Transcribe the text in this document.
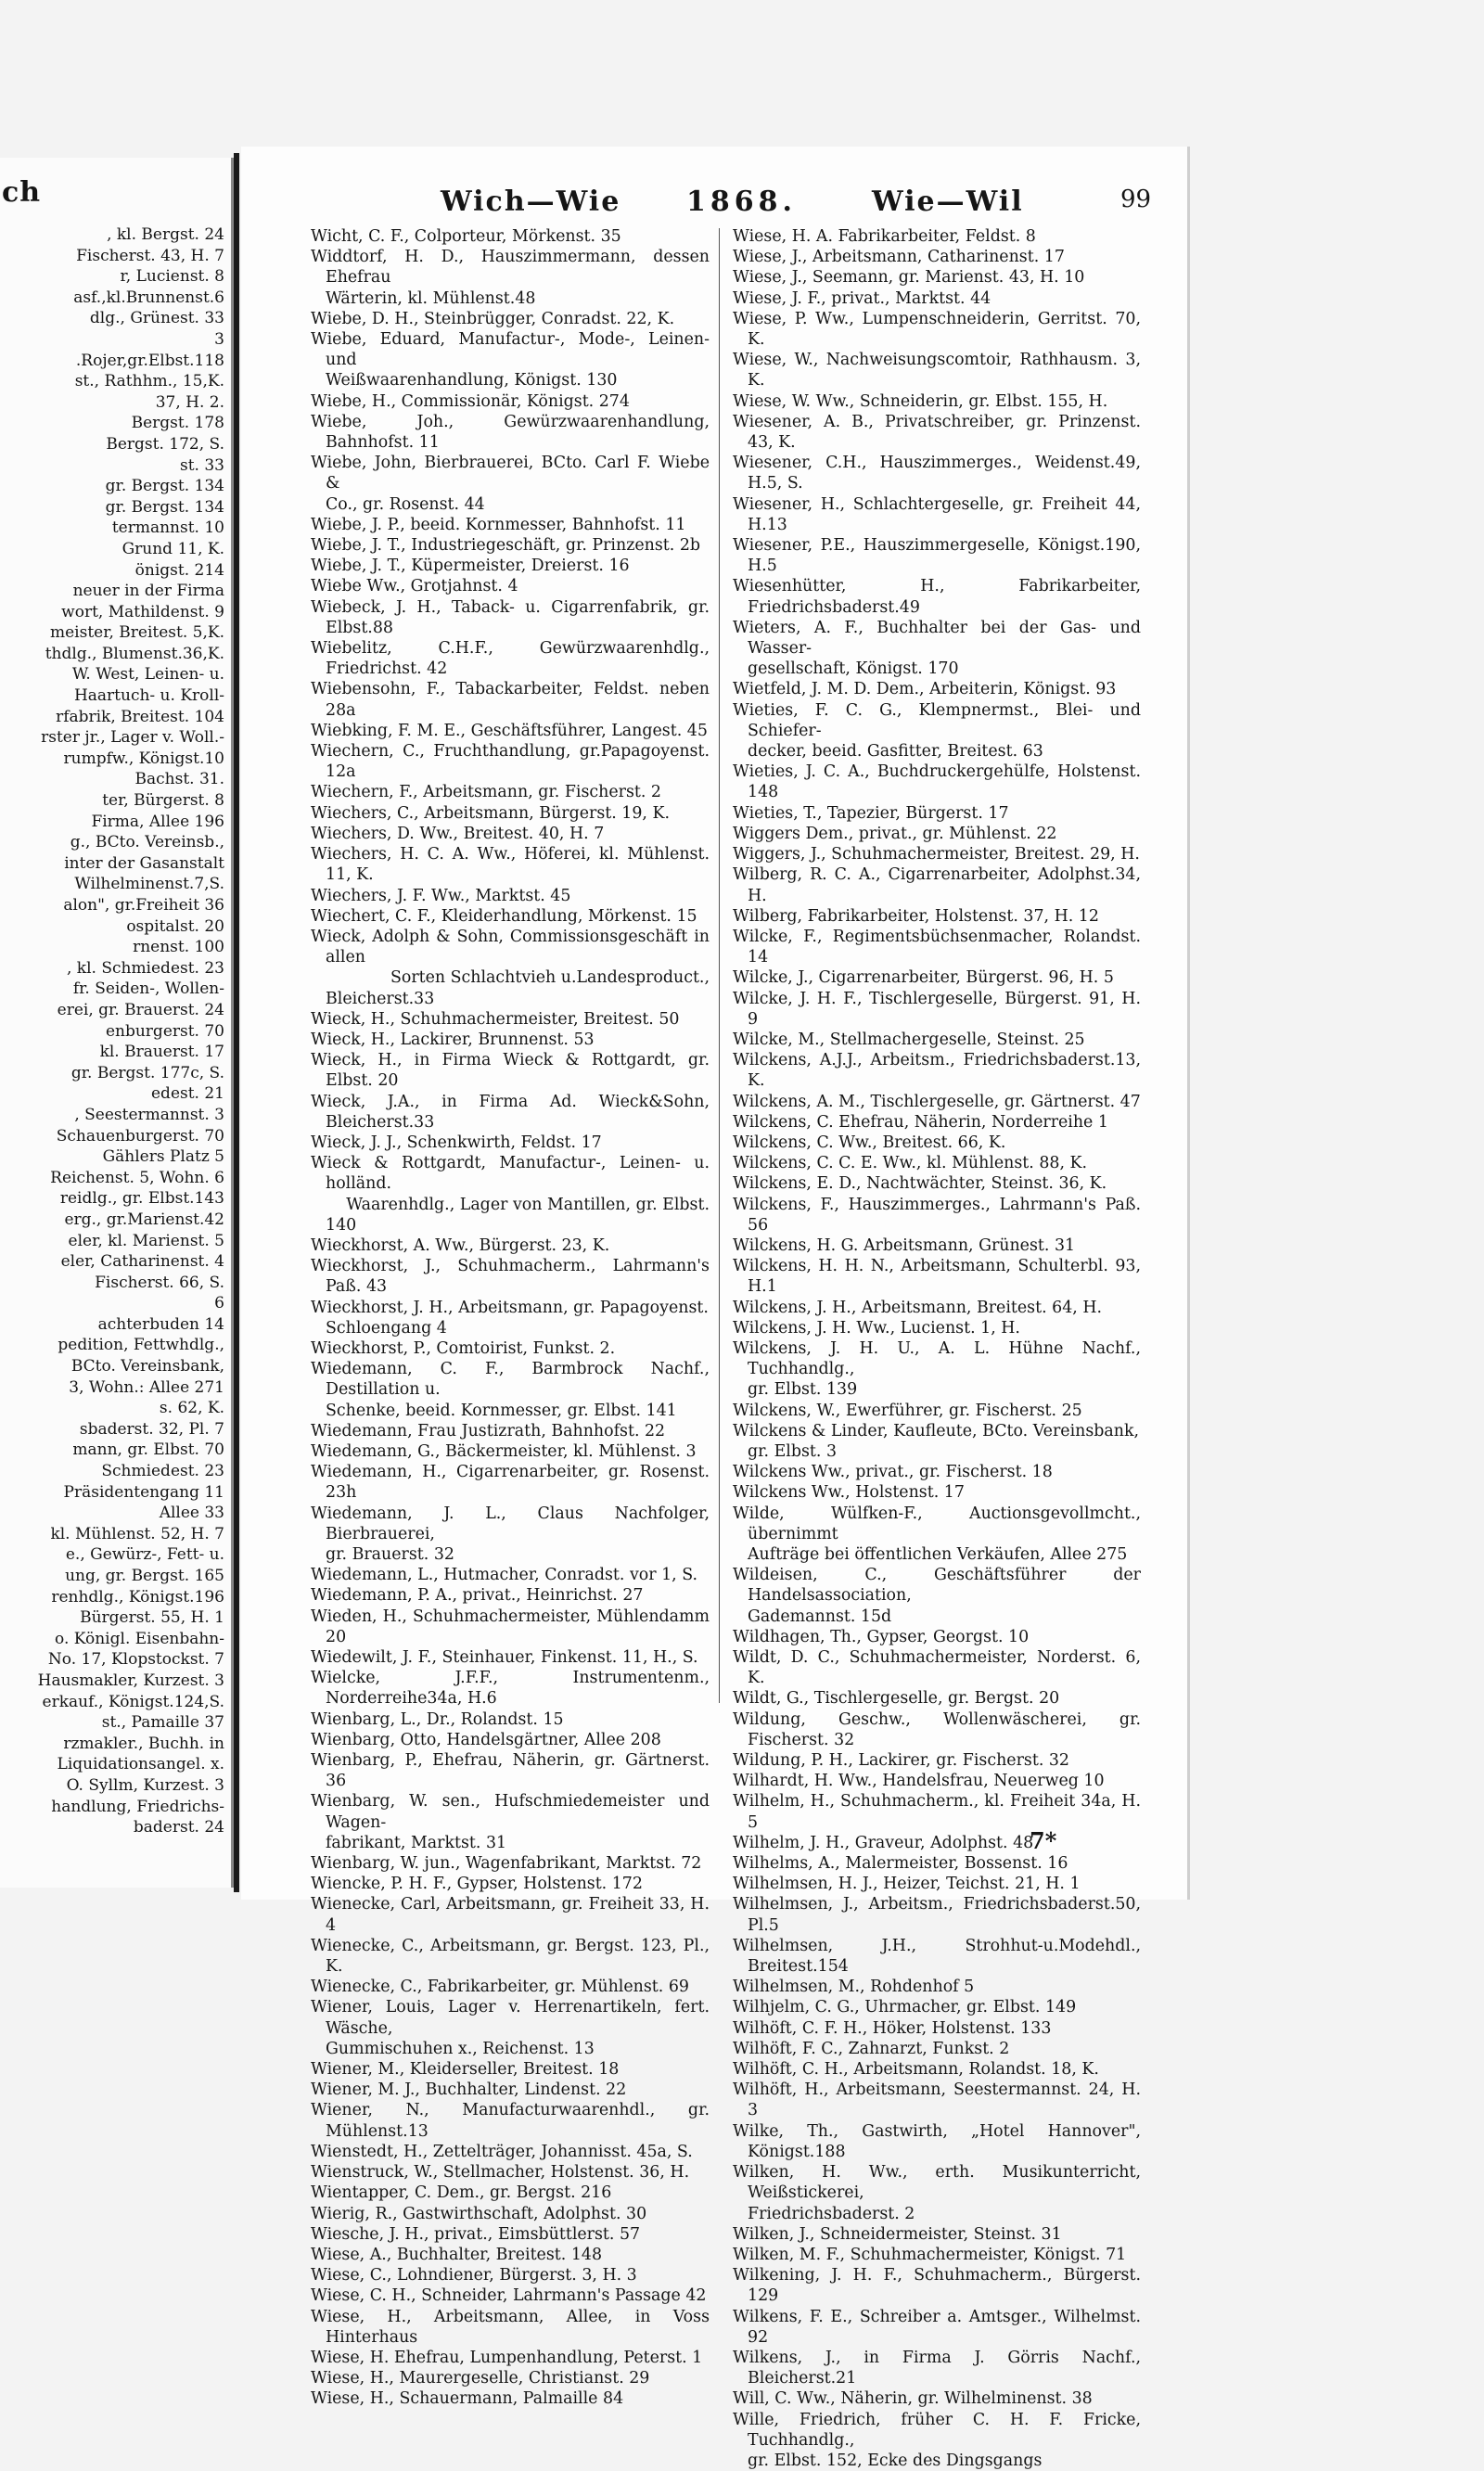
ch
, kl. Bergst. 24
Fischerst. 43, H. 7
r, Lucienst. 8
asf.,kl.Brunnenst.6
dlg., Grünest. 33
3
.Rojer,gr.Elbst.118
st., Rathhm., 15,K.
37, H. 2.
Bergst. 178
Bergst. 172, S.
st. 33
gr. Bergst. 134
gr. Bergst. 134
termannst. 10
Grund 11, K.
önigst. 214
neuer in der Firma
wort, Mathildenst. 9
meister, Breitest. 5,K.
thdlg., Blumenst.36,K.
W. West, Leinen- u.
Haartuch- u. Kroll-
rfabrik, Breitest. 104
rster jr., Lager v. Woll.-
rumpfw., Königst.10
Bachst. 31.
ter, Bürgerst. 8
Firma, Allee 196
g., BCto. Vereinsb.,
inter der Gasanstalt
Wilhelminenst.7,S.
alon", gr.Freiheit 36
ospitalst. 20
rnenst. 100
, kl. Schmiedest. 23
fr. Seiden-, Wollen-
erei, gr. Brauerst. 24
enburgerst. 70
kl. Brauerst. 17
gr. Bergst. 177c, S.
edest. 21
, Seestermannst. 3
Schauenburgerst. 70
Gählers Platz 5
Reichenst. 5, Wohn. 6
reidlg., gr. Elbst.143
erg., gr.Marienst.42
eler, kl. Marienst. 5
eler, Catharinenst. 4
Fischerst. 66, S.
6
achterbuden 14
pedition, Fettwhdlg.,
BCto. Vereinsbank,
3, Wohn.: Allee 271
s. 62, K.
sbaderst. 32, Pl. 7
mann, gr. Elbst. 70
Schmiedest. 23
Präsidentengang 11
Allee 33
kl. Mühlenst. 52, H. 7
e., Gewürz-, Fett- u.
ung, gr. Bergst. 165
renhdlg., Königst.196
Bürgerst. 55, H. 1
o. Königl. Eisenbahn-
No. 17, Klopstockst. 7
Hausmakler, Kurzest. 3
erkauf., Königst.124,S.
st., Pamaille 37
rzmakler., Buchh. in
Liquidationsangel. x.
O. Syllm, Kurzest. 3
handlung, Friedrichs-
baderst. 24
Wich—Wie 1868.	Wie—Wil	99
Wicht, C. F., Colporteur, Mörkenst. 35
Widdtorf, H. D., Hauszimmermann, dessen Ehefrau
Wärterin, kl. Mühlenst.48
Wiebe, D. H., Steinbrügger, Conradst. 22, K.
Wiebe, Eduard, Manufactur-, Mode-, Leinen- und
Weißwaarenhandlung, Königst. 130
Wiebe, H., Commissionär, Königst. 274
Wiebe, Joh., Gewürzwaarenhandlung, Bahnhofst. 11
Wiebe, John, Bierbrauerei, BCto. Carl F. Wiebe &
Co., gr. Rosenst. 44
Wiebe, J. P., beeid. Kornmesser, Bahnhofst. 11
Wiebe, J. T., Industriegeschäft, gr. Prinzenst. 2b
Wiebe, J. T., Küpermeister, Dreierst. 16
Wiebe Ww., Grotjahnst. 4
Wiebeck, J. H., Taback- u. Cigarrenfabrik, gr. Elbst.88
Wiebelitz, C.H.F., Gewürzwaarenhdlg., Friedrichst. 42
Wiebensohn, F., Tabackarbeiter, Feldst. neben 28a
Wiebking, F. M. E., Geschäftsführer, Langest. 45
Wiechern, C., Fruchthandlung, gr.Papagoyenst. 12a
Wiechern, F., Arbeitsmann, gr. Fischerst. 2
Wiechers, C., Arbeitsmann, Bürgerst. 19, K.
Wiechers, D. Ww., Breitest. 40, H. 7
Wiechers, H. C. A. Ww., Höferei, kl. Mühlenst. 11, K.
Wiechers, J. F. Ww., Marktst. 45
Wiechert, C. F., Kleiderhandlung, Mörkenst. 15
Wieck, Adolph & Sohn, Commissionsgeschäft in allen
Sorten Schlachtvieh u.Landesproduct., Bleicherst.33
Wieck, H., Schuhmachermeister, Breitest. 50
Wieck, H., Lackirer, Brunnenst. 53
Wieck, H., in Firma Wieck & Rottgardt, gr. Elbst. 20
Wieck, J.A., in Firma Ad. Wieck&Sohn, Bleicherst.33
Wieck, J. J., Schenkwirth, Feldst. 17
Wieck & Rottgardt, Manufactur-, Leinen- u. holländ.
Waarenhdlg., Lager von Mantillen, gr. Elbst. 140
Wieckhorst, A. Ww., Bürgerst. 23, K.
Wieckhorst, J., Schuhmacherm., Lahrmann's Paß. 43
Wieckhorst, J. H., Arbeitsmann, gr. Papagoyenst.
Schloengang 4
Wieckhorst, P., Comtoirist, Funkst. 2.
Wiedemann, C. F., Barmbrock Nachf., Destillation u.
Schenke, beeid. Kornmesser, gr. Elbst. 141
Wiedemann, Frau Justizrath, Bahnhofst. 22
Wiedemann, G., Bäckermeister, kl. Mühlenst. 3
Wiedemann, H., Cigarrenarbeiter, gr. Rosenst. 23h
Wiedemann, J. L., Claus Nachfolger, Bierbrauerei,
gr. Brauerst. 32
Wiedemann, L., Hutmacher, Conradst. vor 1, S.
Wiedemann, P. A., privat., Heinrichst. 27
Wieden, H., Schuhmachermeister, Mühlendamm 20
Wiedewilt, J. F., Steinhauer, Finkenst. 11, H., S.
Wielcke, J.F.F., Instrumentenm., Norderreihe34a, H.6
Wienbarg, L., Dr., Rolandst. 15
Wienbarg, Otto, Handelsgärtner, Allee 208
Wienbarg, P., Ehefrau, Näherin, gr. Gärtnerst. 36
Wienbarg, W. sen., Hufschmiedemeister und Wagen-
fabrikant, Marktst. 31
Wienbarg, W. jun., Wagenfabrikant, Marktst. 72
Wiencke, P. H. F., Gypser, Holstenst. 172
Wienecke, Carl, Arbeitsmann, gr. Freiheit 33, H. 4
Wienecke, C., Arbeitsmann, gr. Bergst. 123, Pl., K.
Wienecke, C., Fabrikarbeiter, gr. Mühlenst. 69
Wiener, Louis, Lager v. Herrenartikeln, fert. Wäsche,
Gummischuhen x., Reichenst. 13
Wiener, M., Kleiderseller, Breitest. 18
Wiener, M. J., Buchhalter, Lindenst. 22
Wiener, N., Manufacturwaarenhdl., gr. Mühlenst.13
Wienstedt, H., Zettelträger, Johannisst. 45a, S.
Wienstruck, W., Stellmacher, Holstenst. 36, H.
Wientapper, C. Dem., gr. Bergst. 216
Wierig, R., Gastwirthschaft, Adolphst. 30
Wiesche, J. H., privat., Eimsbüttlerst. 57
Wiese, A., Buchhalter, Breitest. 148
Wiese, C., Lohndiener, Bürgerst. 3, H. 3
Wiese, C. H., Schneider, Lahrmann's Passage 42
Wiese, H., Arbeitsmann, Allee, in Voss Hinterhaus
Wiese, H. Ehefrau, Lumpenhandlung, Peterst. 1
Wiese, H., Maurergeselle, Christianst. 29
Wiese, H., Schauermann, Palmaille 84
Wiese, H. A. Fabrikarbeiter, Feldst. 8
Wiese, J., Arbeitsmann, Catharinenst. 17
Wiese, J., Seemann, gr. Marienst. 43, H. 10
Wiese, J. F., privat., Marktst. 44
Wiese, P. Ww., Lumpenschneiderin, Gerritst. 70, K.
Wiese, W., Nachweisungscomtoir, Rathhausm. 3, K.
Wiese, W. Ww., Schneiderin, gr. Elbst. 155, H.
Wiesener, A. B., Privatschreiber, gr. Prinzenst. 43, K.
Wiesener, C.H., Hauszimmerges., Weidenst.49, H.5, S.
Wiesener, H., Schlachtergeselle, gr. Freiheit 44, H.13
Wiesener, P.E., Hauszimmergeselle, Königst.190, H.5
Wiesenhütter, H., Fabrikarbeiter, Friedrichsbaderst.49
Wieters, A. F., Buchhalter bei der Gas- und Wasser-
gesellschaft, Königst. 170
Wietfeld, J. M. D. Dem., Arbeiterin, Königst. 93
Wieties, F. C. G., Klempnermst., Blei- und Schiefer-
decker, beeid. Gasfitter, Breitest. 63
Wieties, J. C. A., Buchdruckergehülfe, Holstenst. 148
Wieties, T., Tapezier, Bürgerst. 17
Wiggers Dem., privat., gr. Mühlenst. 22
Wiggers, J., Schuhmachermeister, Breitest. 29, H.
Wilberg, R. C. A., Cigarrenarbeiter, Adolphst.34, H.
Wilberg, Fabrikarbeiter, Holstenst. 37, H. 12
Wilcke, F., Regimentsbüchsenmacher, Rolandst. 14
Wilcke, J., Cigarrenarbeiter, Bürgerst. 96, H. 5
Wilcke, J. H. F., Tischlergeselle, Bürgerst. 91, H. 9
Wilcke, M., Stellmachergeselle, Steinst. 25
Wilckens, A.J.J., Arbeitsm., Friedrichsbaderst.13, K.
Wilckens, A. M., Tischlergeselle, gr. Gärtnerst. 47
Wilckens, C. Ehefrau, Näherin, Norderreihe 1
Wilckens, C. Ww., Breitest. 66, K.
Wilckens, C. C. E. Ww., kl. Mühlenst. 88, K.
Wilckens, E. D., Nachtwächter, Steinst. 36, K.
Wilckens, F., Hauszimmerges., Lahrmann's Paß. 56
Wilckens, H. G. Arbeitsmann, Grünest. 31
Wilckens, H. H. N., Arbeitsmann, Schulterbl. 93, H.1
Wilckens, J. H., Arbeitsmann, Breitest. 64, H.
Wilckens, J. H. Ww., Lucienst. 1, H.
Wilckens, J. H. U., A. L. Hühne Nachf., Tuchhandlg.,
gr. Elbst. 139
Wilckens, W., Ewerführer, gr. Fischerst. 25
Wilckens & Linder, Kaufleute, BCto. Vereinsbank,
gr. Elbst. 3
Wilckens Ww., privat., gr. Fischerst. 18
Wilckens Ww., Holstenst. 17
Wilde, Wülfken-F., Auctionsgevollmcht., übernimmt
Aufträge bei öffentlichen Verkäufen, Allee 275
Wildeisen, C., Geschäftsführer der Handelsassociation,
Gademannst. 15d
Wildhagen, Th., Gypser, Georgst. 10
Wildt, D. C., Schuhmachermeister, Norderst. 6, K.
Wildt, G., Tischlergeselle, gr. Bergst. 20
Wildung, Geschw., Wollenwäscherei, gr. Fischerst. 32
Wildung, P. H., Lackirer, gr. Fischerst. 32
Wilhardt, H. Ww., Handelsfrau, Neuerweg 10
Wilhelm, H., Schuhmacherm., kl. Freiheit 34a, H. 5
Wilhelm, J. H., Graveur, Adolphst. 48
Wilhelms, A., Malermeister, Bossenst. 16
Wilhelmsen, H. J., Heizer, Teichst. 21, H. 1
Wilhelmsen, J., Arbeitsm., Friedrichsbaderst.50, Pl.5
Wilhelmsen, J.H., Strohhut-u.Modehdl., Breitest.154
Wilhelmsen, M., Rohdenhof 5
Wilhjelm, C. G., Uhrmacher, gr. Elbst. 149
Wilhöft, C. F. H., Höker, Holstenst. 133
Wilhöft, F. C., Zahnarzt, Funkst. 2
Wilhöft, C. H., Arbeitsmann, Rolandst. 18, K.
Wilhöft, H., Arbeitsmann, Seestermannst. 24, H. 3
Wilke, Th., Gastwirth, „Hotel Hannover", Königst.188
Wilken, H. Ww., erth. Musikunterricht, Weißstickerei,
Friedrichsbaderst. 2
Wilken, J., Schneidermeister, Steinst. 31
Wilken, M. F., Schuhmachermeister, Königst. 71
Wilkening, J. H. F., Schuhmacherm., Bürgerst. 129
Wilkens, F. E., Schreiber a. Amtsger., Wilhelmst. 92
Wilkens, J., in Firma J. Görris Nachf., Bleicherst.21
Will, C. Ww., Näherin, gr. Wilhelminenst. 38
Wille, Friedrich, früher C. H. F. Fricke, Tuchhandlg.,
gr. Elbst. 152, Ecke des Dingsgangs
7*
